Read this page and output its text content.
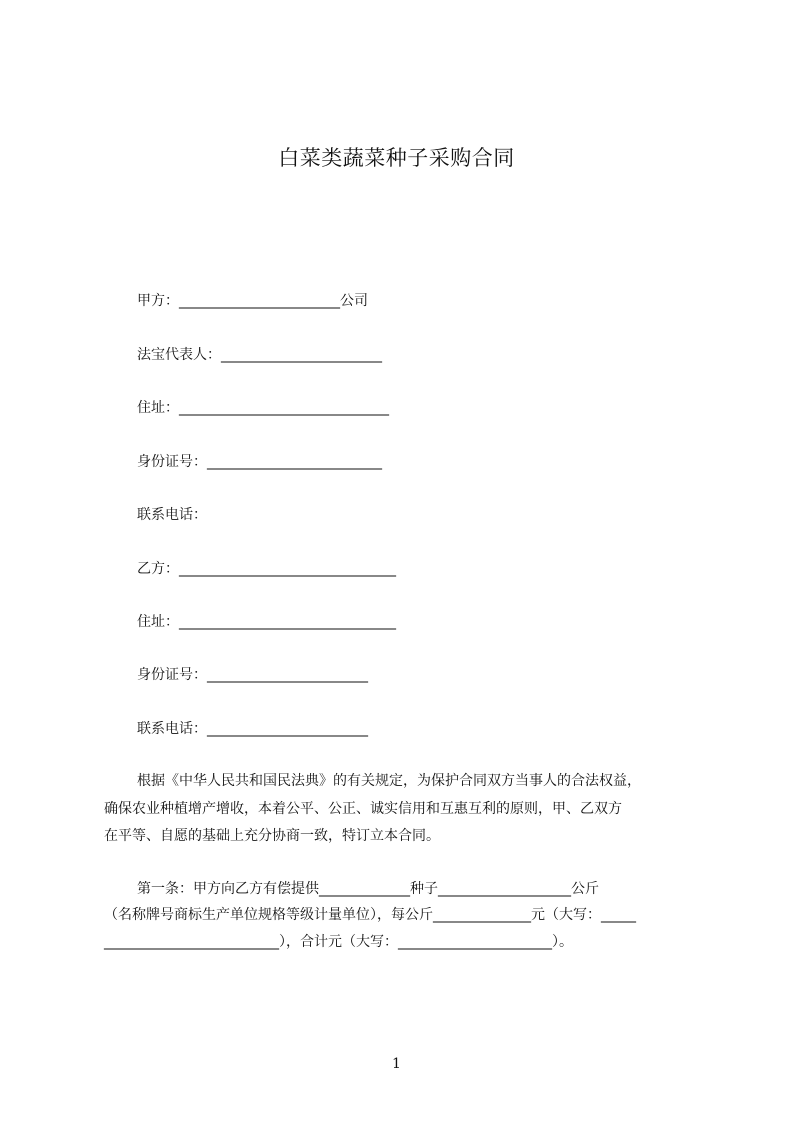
白菜类蔬菜种子采购合同
甲方：_______________________公司
法宝代表人：_______________________
住址：______________________________
身份证号：_________________________
联系电话：
乙方：_______________________________
住址：_______________________________
身份证号：_______________________
联系电话：_______________________
根据《中华人民共和国民法典》的有关规定，为保护合同双方当事人的合法权益，
确保农业种植增产增收，本着公平、公正、诚实信用和互惠互利的原则，甲、乙双方
在平等、自愿的基础上充分协商一致，特订立本合同。
第一条：甲方向乙方有偿提供_____________种子___________________公斤
（名称牌号商标生产单位规格等级计量单位），每公斤______________元（大写：_____
_________________________），合计元（大写：______________________）。
1
